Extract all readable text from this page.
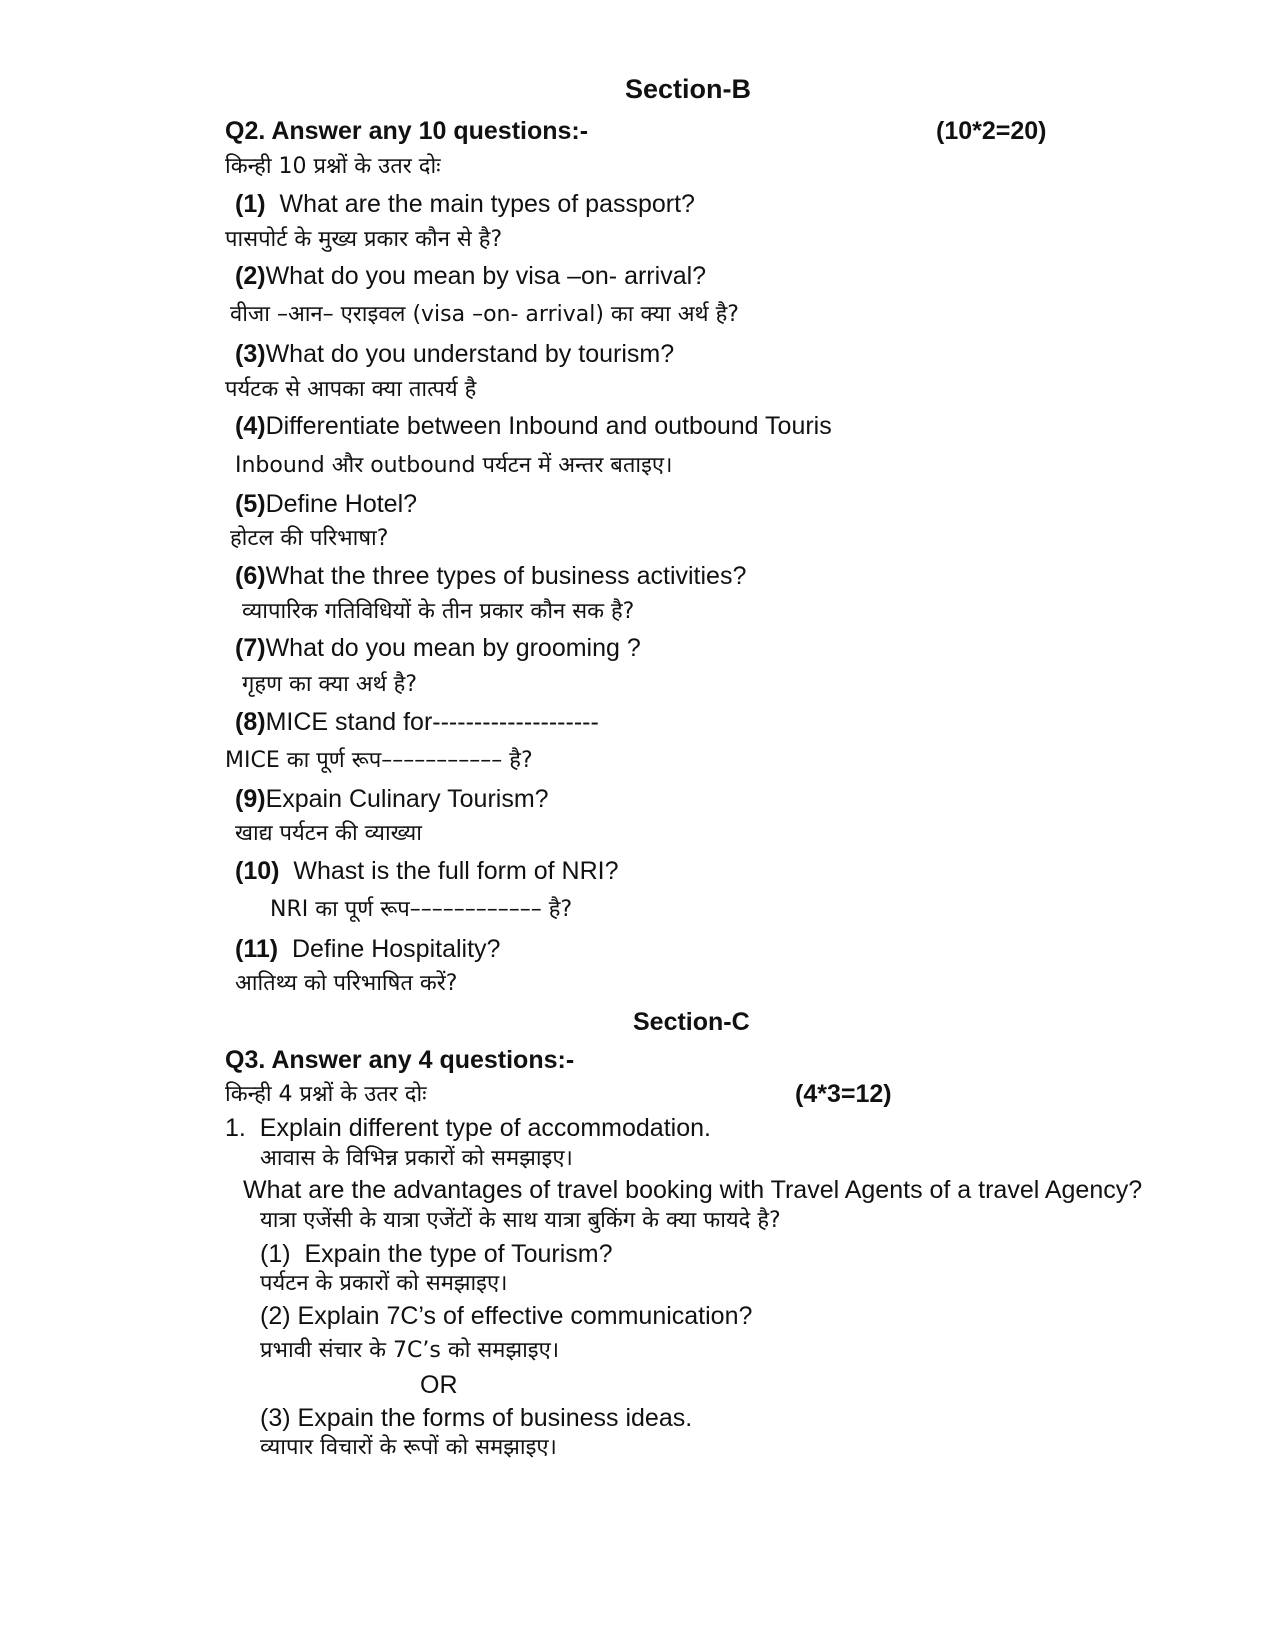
Section-B
Q2. Answer any 10 questions:-	(10*2=20)
किन्ही 10 प्रश्नों के उतर दोः
(1) What are the main types of passport?
पासपोर्ट के मुख्य प्रकार कौन से है?
(2)What do you mean by visa –on- arrival?
वीजा –आन– एराइवल (visa –on- arrival) का क्या अर्थ है?
(3)What do you understand by tourism?
पर्यटक से आपका क्या तात्पर्य है
(4)Differentiate between Inbound and outbound Touris
Inbound और outbound पर्यटन में अन्तर बताइए।
(5)Define Hotel?
होटल की परिभाषा?
(6)What the three types of business activities?
व्यापारिक गतिविधियों के तीन प्रकार कौन सक है?
(7)What do you mean by grooming ?
गृहण का क्या अर्थ है?
(8)MICE stand for--------------------
MICE का पूर्ण रूप––––––––––– है?
(9)Expain Culinary Tourism?
खाद्य पर्यटन की व्याख्या
(10) Whast is the full form of NRI?
NRI का पूर्ण रूप–––––––––––– है?
(11) Define Hospitality?
आतिथ्य को परिभाषित करें?
Section-C
Q3. Answer any 4 questions:-
किन्ही 4 प्रश्नों के उतर दोः	(4*3=12)
1. Explain different type of accommodation.
आवास के विभिन्न प्रकारों को समझाइए।
What are the advantages of travel booking with Travel Agents of a travel Agency?
यात्रा एजेंसी के यात्रा एजेंटों के साथ यात्रा बुकिंग के क्या फायदे है?
(1) Expain the type of Tourism?
पर्यटन के प्रकारों को समझाइए।
(2) Explain 7C’s of effective communication?
प्रभावी संचार के 7C’s को समझाइए।
OR
(3) Expain the forms of business ideas.
व्यापार विचारों के रूपों को समझाइए।
